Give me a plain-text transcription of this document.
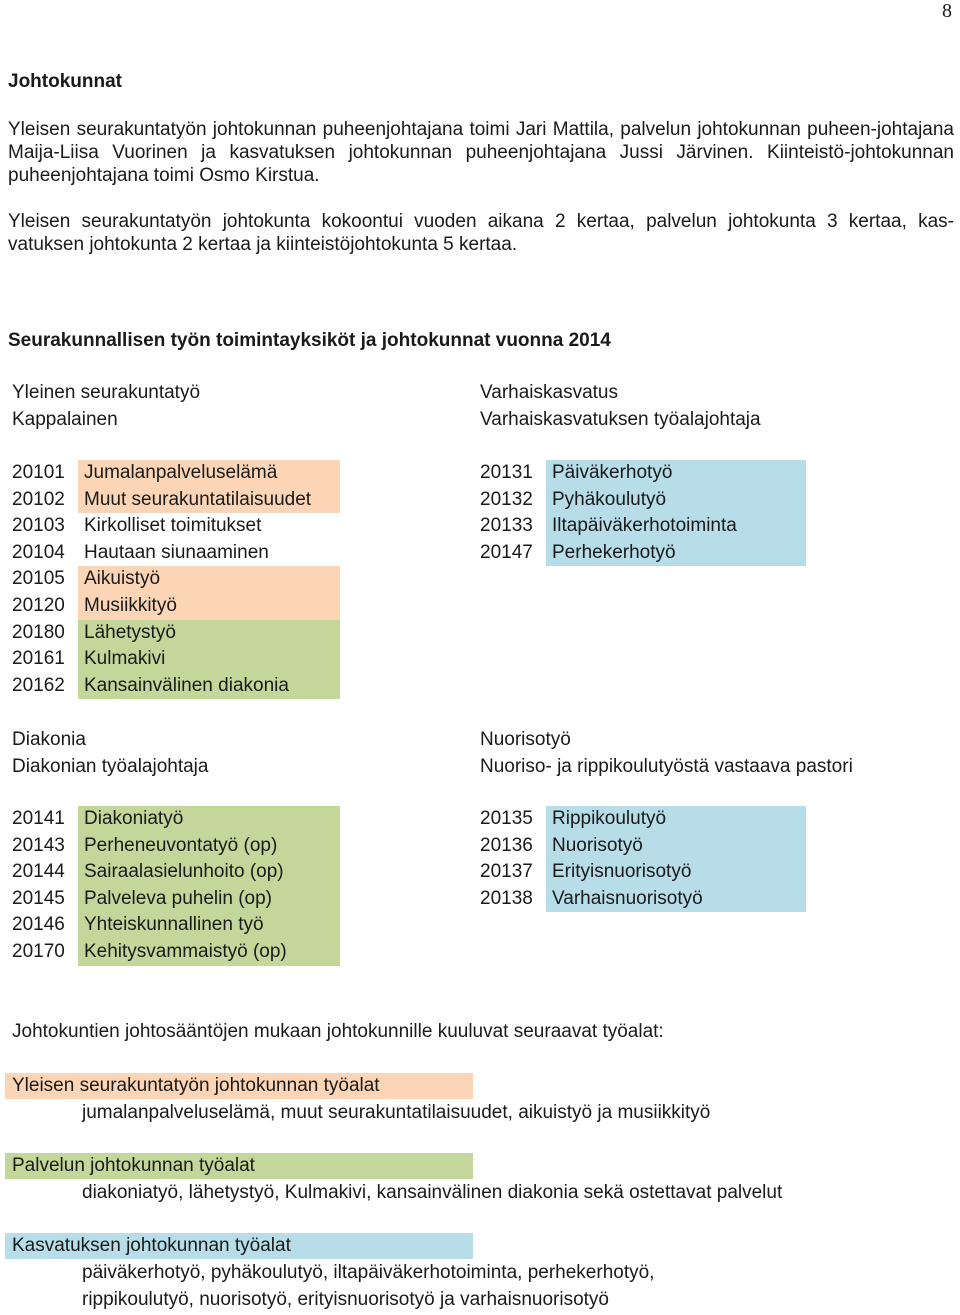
8
Johtokunnat

Yleisen seurakuntatyön johtokunnan puheenjohtajana toimi Jari Mattila, palvelun johtokunnan puheen-johtajana Maija-Liisa Vuorinen ja kasvatuksen johtokunnan puheenjohtajana Jussi Järvinen. Kiinteistö-johtokunnan puheenjohtajana toimi Osmo Kirstua.

Yleisen seurakuntatyön johtokunta kokoontui vuoden aikana 2 kertaa, palvelun johtokunta 3 kertaa, kas-vatuksen johtokunta 2 kertaa ja kiinteistöjohtokunta 5 kertaa.

Seurakunnallisen työn toimintayksiköt ja johtokunnat vuonna 2014
Yleinen seurakuntatyö
Kappalainen
20101	Jumalanpalveluselämä
20102	Muut seurakuntatilaisuudet
20103	Kirkolliset toimitukset
20104	Hautaan siunaaminen
20105	Aikuistyö
20120	Musiikkityö
20180	Lähetystyö
20161	Kulmakivi
20162	Kansainvälinen diakonia
Varhaiskasvatus
Varhaiskasvatuksen työalajohtaja
20131	Päiväkerhotyö
20132	Pyhäkoulutyö
20133	Iltapäiväkerhotoiminta
20147	Perhekerhotyö
Diakonia
Diakonian työalajohtaja
20141	Diakoniatyö
20143	Perheneuvontatyö (op)
20144	Sairaalasielunhoito (op)
20145	Palveleva puhelin (op)
20146	Yhteiskunnallinen työ
20170	Kehitysvammaistyö (op)
Nuorisotyö
Nuoriso- ja rippikoulutyöstä vastaava pastori
20135	Rippikoulutyö
20136	Nuorisotyö
20137	Erityisnuorisotyö
20138	Varhaisnuorisotyö
Johtokuntien johtosääntöjen mukaan johtokunnille kuuluvat seuraavat työalat:
Yleisen seurakuntatyön johtokunnan työalat
jumalanpalveluselämä, muut seurakuntatilaisuudet, aikuistyö ja musiikkityö
Palvelun johtokunnan työalat
diakoniatyö, lähetystyö, Kulmakivi, kansainvälinen diakonia sekä ostettavat palvelut
Kasvatuksen johtokunnan työalat
päiväkerhotyö, pyhäkoulutyö, iltapäiväkerhotoiminta, perhekerhotyö,
rippikoulutyö, nuorisotyö, erityisnuorisotyö ja varhaisnuorisotyö
